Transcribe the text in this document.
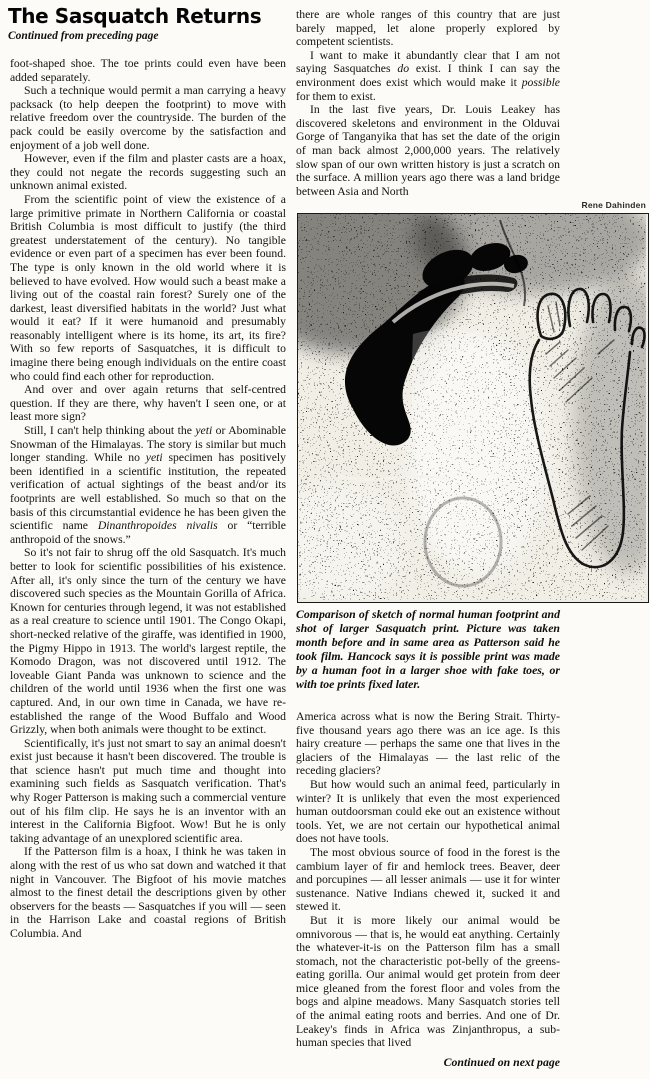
The Sasquatch Returns
Continued from preceding page

foot-shaped shoe. The toe prints could even have been added separately.

Such a technique would permit a man carrying a heavy packsack (to help deepen the footprint) to move with relative freedom over the countryside. The burden of the pack could be easily overcome by the satisfaction and enjoyment of a job well done.

However, even if the film and plaster casts are a hoax, they could not negate the records suggesting such an unknown animal existed.

From the scientific point of view the existence of a large primitive primate in Northern California or coastal British Columbia is most difficult to justify (the third greatest understatement of the century). No tangible evidence or even part of a specimen has ever been found. The type is only known in the old world where it is believed to have evolved. How would such a beast make a living out of the coastal rain forest? Surely one of the darkest, least diversified habitats in the world? Just what would it eat? If it were humanoid and presumably reasonably intelligent where is its home, its art, its fire? With so few reports of Sasquatches, it is difficult to imagine there being enough individuals on the entire coast who could find each other for reproduction.

And over and over again returns that self-centred question. If they are there, why haven't I seen one, or at least more sign?

Still, I can't help thinking about the yeti or Abominable Snowman of the Himalayas. The story is similar but much longer standing. While no yeti specimen has positively been identified in a scientific institution, the repeated verification of actual sightings of the beast and/or its footprints are well established. So much so that on the basis of this circumstantial evidence he has been given the scientific name Dinanthropoides nivalis or “terrible anthropoid of the snows.”

So it's not fair to shrug off the old Sasquatch. It's much better to look for scientific possibilities of his existence. After all, it's only since the turn of the century we have discovered such species as the Mountain Gorilla of Africa. Known for centuries through legend, it was not established as a real creature to science until 1901. The Congo Okapi, short-necked relative of the giraffe, was identified in 1900, the Pigmy Hippo in 1913. The world's largest reptile, the Komodo Dragon, was not discovered until 1912. The loveable Giant Panda was unknown to science and the children of the world until 1936 when the first one was captured. And, in our own time in Canada, we have re-established the range of the Wood Buffalo and Wood Grizzly, when both animals were thought to be extinct.

Scientifically, it's just not smart to say an animal doesn't exist just because it hasn't been discovered. The trouble is that science hasn't put much time and thought into examining such fields as Sasquatch verification. That's why Roger Patterson is making such a commercial venture out of his film clip. He says he is an inventor with an interest in the California Bigfoot. Wow! But he is only taking advantage of an unexplored scientific area.

If the Patterson film is a hoax, I think he was taken in along with the rest of us who sat down and watched it that night in Vancouver. The Bigfoot of his movie matches almost to the finest detail the descriptions given by other observers for the beasts — Sasquatches if you will — seen in the Harrison Lake and coastal regions of British Columbia. And

there are whole ranges of this country that are just barely mapped, let alone properly explored by competent scientists.

I want to make it abundantly clear that I am not saying Sasquatches do exist. I think I can say the environment does exist which would make it possible for them to exist.

In the last five years, Dr. Louis Leakey has discovered skeletons and environment in the Olduvai Gorge of Tanganyika that has set the date of the origin of man back almost 2,000,000 years. The relatively slow span of our own written history is just a scratch on the surface. A million years ago there was a land bridge between Asia and North

Rene Dahinden
Comparison of sketch of normal human footprint and shot of larger Sasquatch print. Picture was taken month before and in same area as Patterson said he took film. Hancock says it is possible print was made by a human foot in a larger shoe with fake toes, or with toe prints fixed later.

America across what is now the Bering Strait. Thirty-five thousand years ago there was an ice age. Is this hairy creature — perhaps the same one that lives in the glaciers of the Himalayas — the last relic of the receding glaciers?

But how would such an animal feed, particularly in winter? It is unlikely that even the most experienced human outdoorsman could eke out an existence without tools. Yet, we are not certain our hypothetical animal does not have tools.

The most obvious source of food in the forest is the cambium layer of fir and hemlock trees. Beaver, deer and porcupines — all lesser animals — use it for winter sustenance. Native Indians chewed it, sucked it and stewed it.

But it is more likely our animal would be omnivorous — that is, he would eat anything. Certainly the whatever-it-is on the Patterson film has a small stomach, not the characteristic pot-belly of the greens-eating gorilla. Our animal would get protein from deer mice gleaned from the forest floor and voles from the bogs and alpine meadows. Many Sasquatch stories tell of the animal eating roots and berries. And one of Dr. Leakey's finds in Africa was Zinjanthropus, a sub-human species that lived

Continued on next page
